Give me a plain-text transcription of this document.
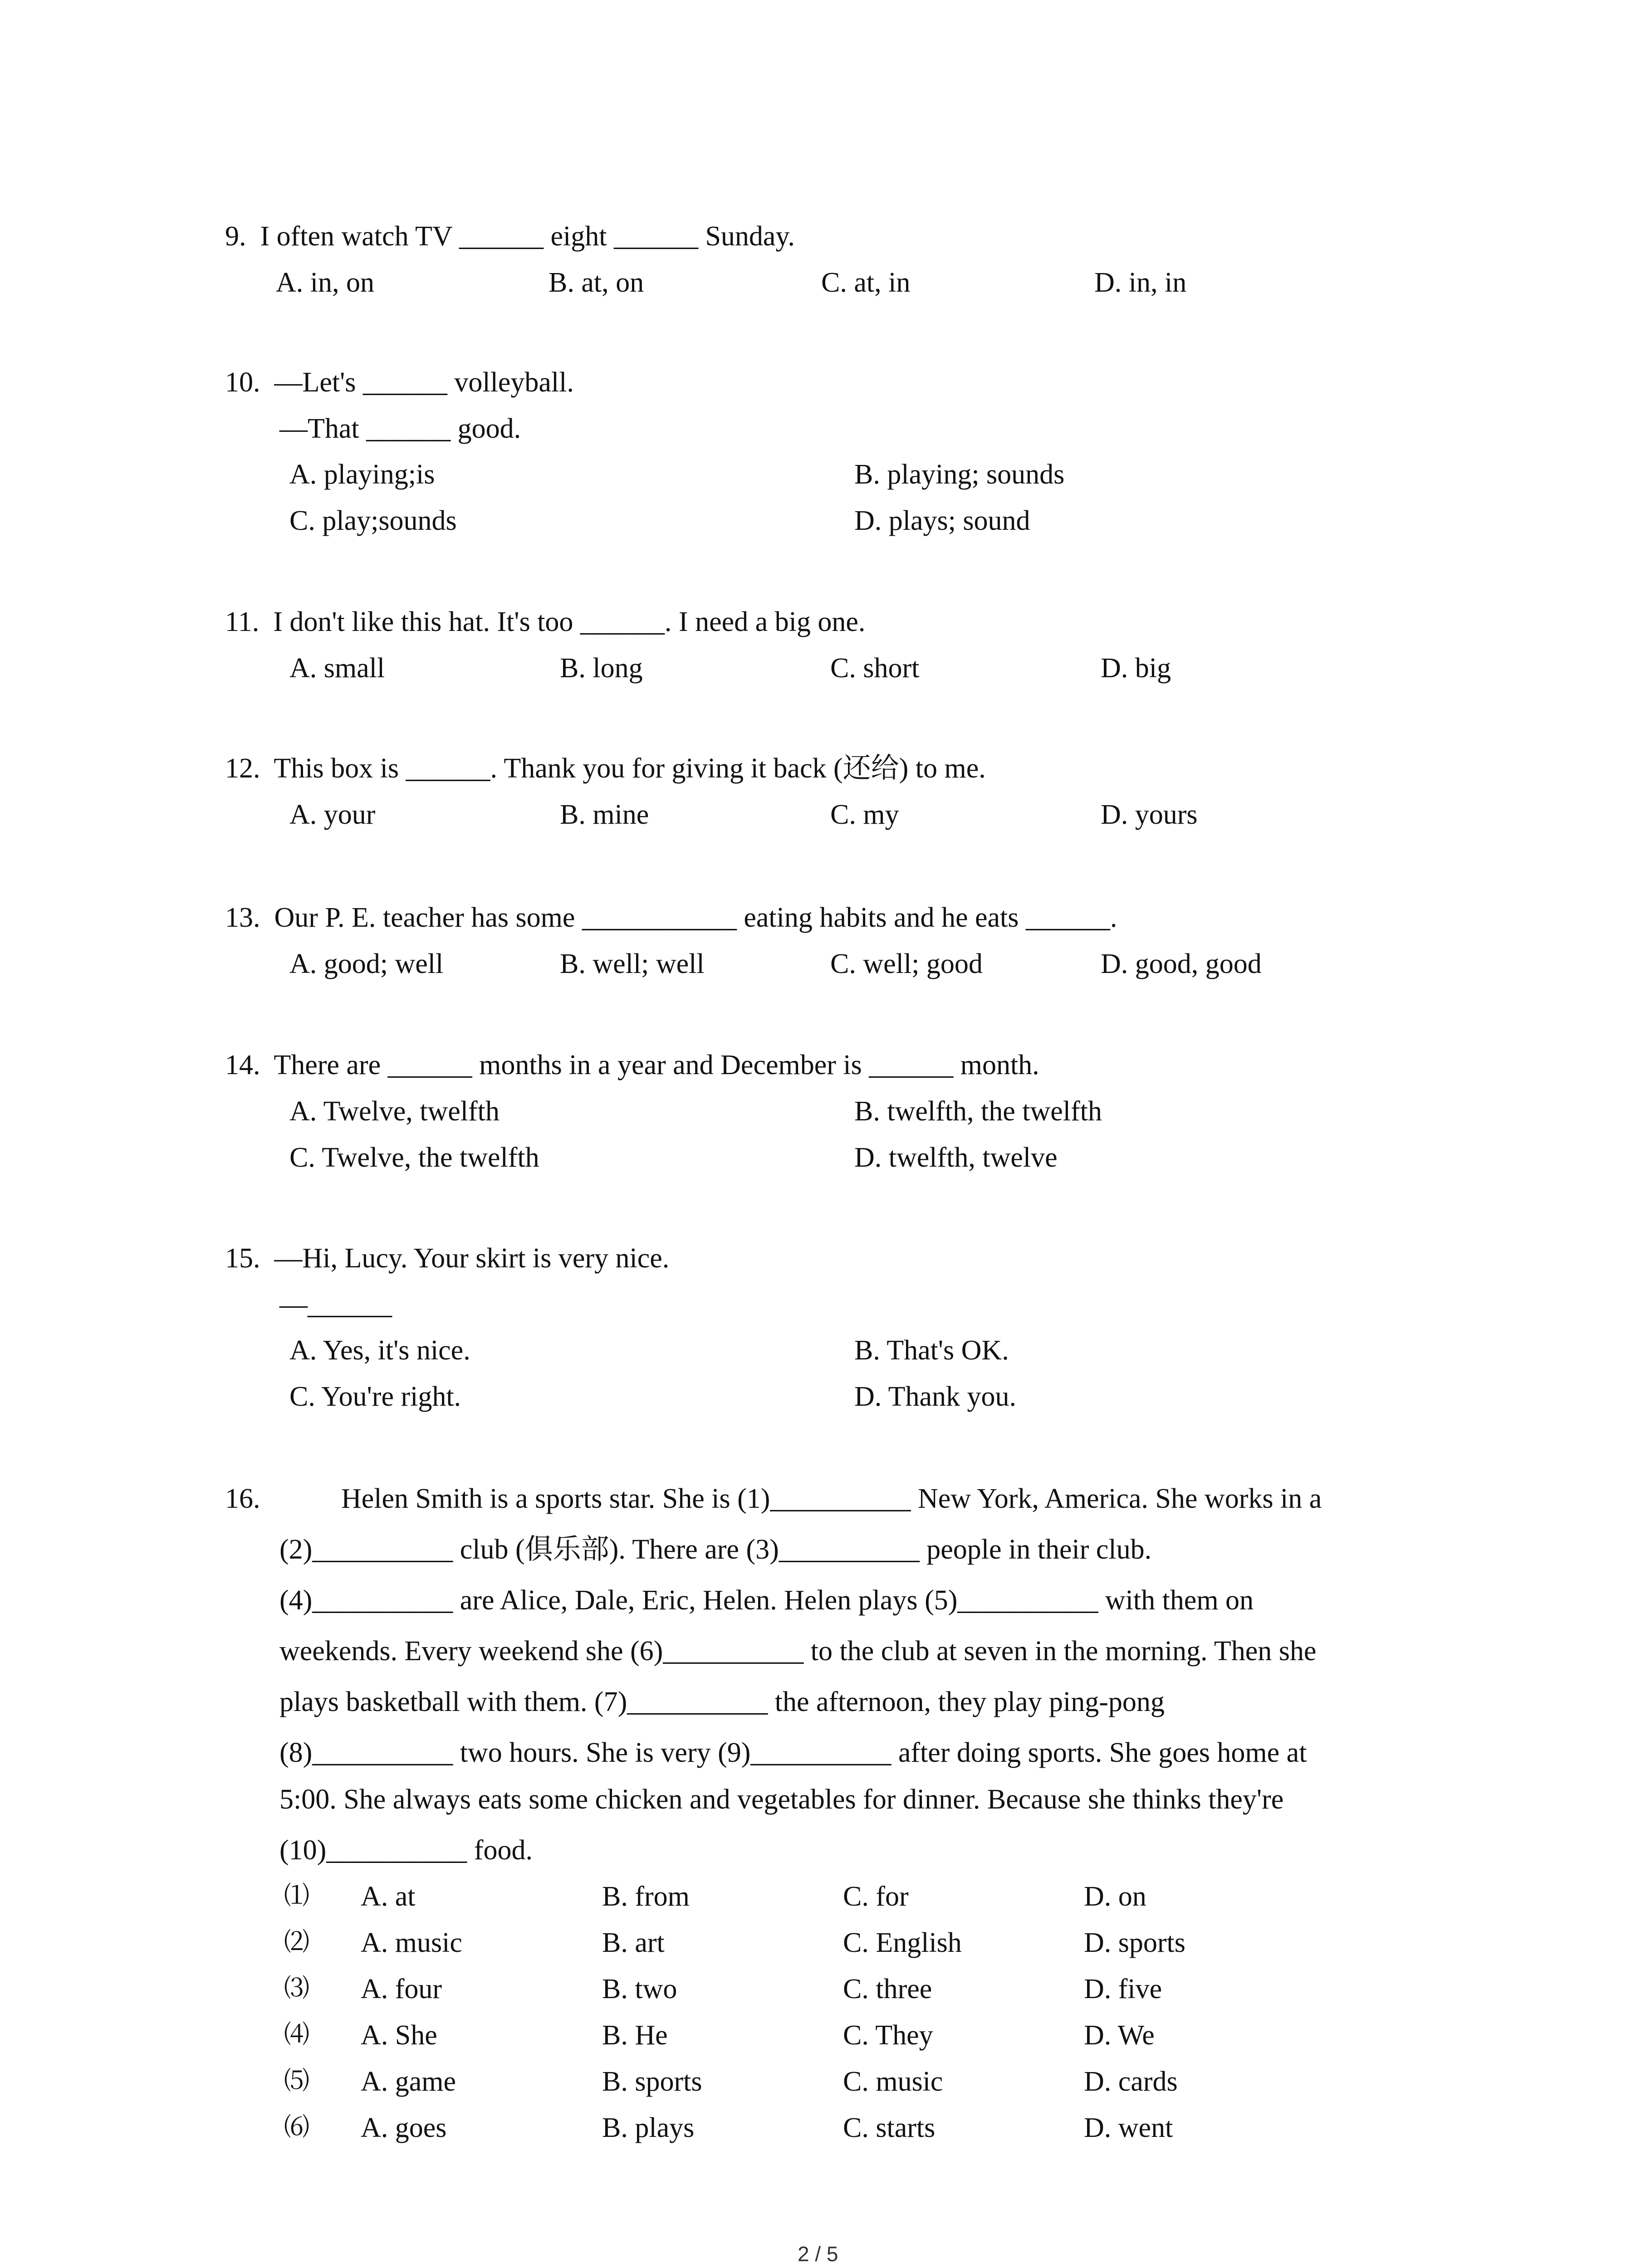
9.  I often watch TV ______ eight ______ Sunday.
A. in, on	B. at, on	C. at, in	D. in, in
10.  —Let's ______ volleyball.
—That ______ good.
A. playing;is	B. playing; sounds
C. play;sounds	D. plays; sound
11.  I don't like this hat. It's too ______. I need a big one.
A. small	B. long	C. short	D. big
12.  This box is ______. Thank you for giving it back (还给) to me.
A. your	B. mine	C. my	D. yours
13.  Our P. E. teacher has some ___________ eating habits and he eats ______.
A. good; well	B. well; well	C. well; good	D. good, good
14.  There are ______ months in a year and December is ______ month.
A. Twelve, twelfth	B. twelfth, the twelfth
C. Twelve, the twelfth	D. twelfth, twelve
15.  —Hi, Lucy. Your skirt is very nice.
—______
A. Yes, it's nice.	B. That's OK.
C. You're right.	D. Thank you.
16.	Helen Smith is a sports star. She is (1)__________ New York, America. She works in a
(2)__________ club (俱乐部). There are (3)__________ people in their club.
(4)__________ are Alice, Dale, Eric, Helen. Helen plays (5)__________ with them on
weekends. Every weekend she (6)__________ to the club at seven in the morning. Then she
plays basketball with them. (7)__________ the afternoon, they play ping-pong
(8)__________ two hours. She is very (9)__________ after doing sports. She goes home at
5:00. She always eats some chicken and vegetables for dinner. Because she thinks they're
(10)__________ food.
⑴ A. at	B. from	C. for	D. on
⑵ A. music	B. art	C. English	D. sports
⑶ A. four	B. two	C. three	D. five
⑷ A. She	B. He	C. They	D. We
⑸ A. game	B. sports	C. music	D. cards
⑹ A. goes	B. plays	C. starts	D. went
2 / 5
